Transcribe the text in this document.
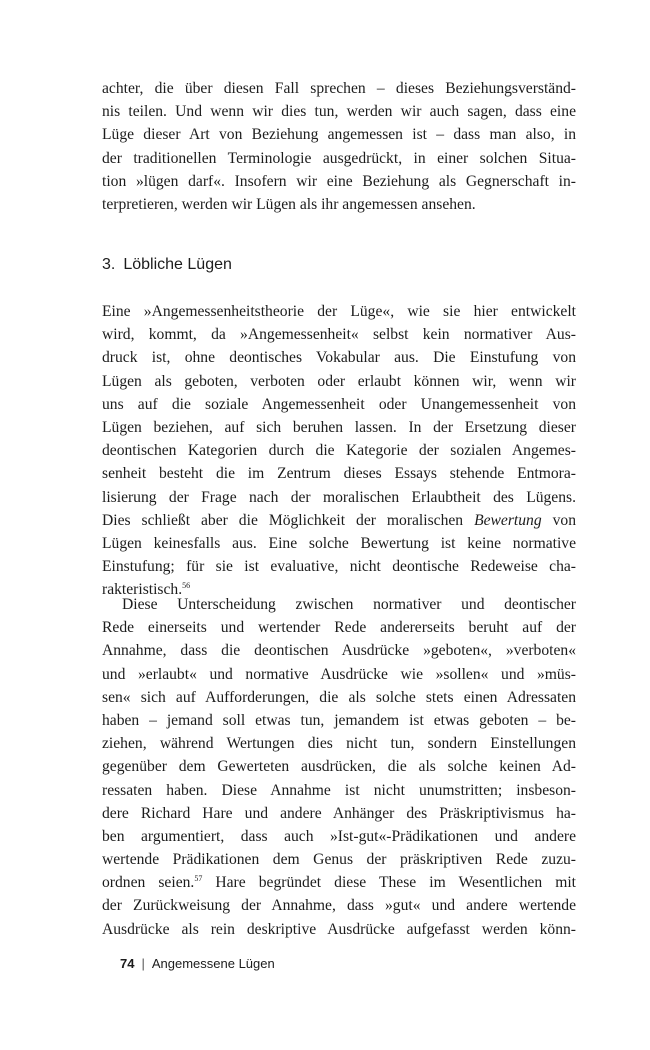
achter, die über diesen Fall sprechen – dieses Beziehungsverständ-
nis teilen. Und wenn wir dies tun, werden wir auch sagen, dass eine
Lüge dieser Art von Beziehung angemessen ist – dass man also, in
der traditionellen Terminologie ausgedrückt, in einer solchen Situa-
tion »lügen darf«. Insofern wir eine Beziehung als Gegnerschaft in-
terpretieren, werden wir Lügen als ihr angemessen ansehen.
3. Löbliche Lügen
Eine »Angemessenheitstheorie der Lüge«, wie sie hier entwickelt
wird, kommt, da »Angemessenheit« selbst kein normativer Aus-
druck ist, ohne deontisches Vokabular aus. Die Einstufung von
Lügen als geboten, verboten oder erlaubt können wir, wenn wir
uns auf die soziale Angemessenheit oder Unangemessenheit von
Lügen beziehen, auf sich beruhen lassen. In der Ersetzung dieser
deontischen Kategorien durch die Kategorie der sozialen Angemes-
senheit besteht die im Zentrum dieses Essays stehende Entmora-
lisierung der Frage nach der moralischen Erlaubtheit des Lügens.
Dies schließt aber die Möglichkeit der moralischen Bewertung von
Lügen keinesfalls aus. Eine solche Bewertung ist keine normative
Einstufung; für sie ist evaluative, nicht deontische Redeweise cha-
rakteristisch.$^{56}$
Diese Unterscheidung zwischen normativer und deontischer
Rede einerseits und wertender Rede andererseits beruht auf der
Annahme, dass die deontischen Ausdrücke »geboten«, »verboten«
und »erlaubt« und normative Ausdrücke wie »sollen« und »müs-
sen« sich auf Aufforderungen, die als solche stets einen Adressaten
haben – jemand soll etwas tun, jemandem ist etwas geboten – be-
ziehen, während Wertungen dies nicht tun, sondern Einstellungen
gegenüber dem Gewerteten ausdrücken, die als solche keinen Ad-
ressaten haben. Diese Annahme ist nicht unumstritten; insbeson-
dere Richard Hare und andere Anhänger des Präskriptivismus ha-
ben argumentiert, dass auch »Ist-gut«-Prädikationen und andere
wertende Prädikationen dem Genus der präskriptiven Rede zuzu-
ordnen seien.$^{57}$ Hare begründet diese These im Wesentlichen mit
der Zurückweisung der Annahme, dass »gut« und andere wertende
Ausdrücke als rein deskriptive Ausdrücke aufgefasst werden könn-
74 | Angemessene Lügen
